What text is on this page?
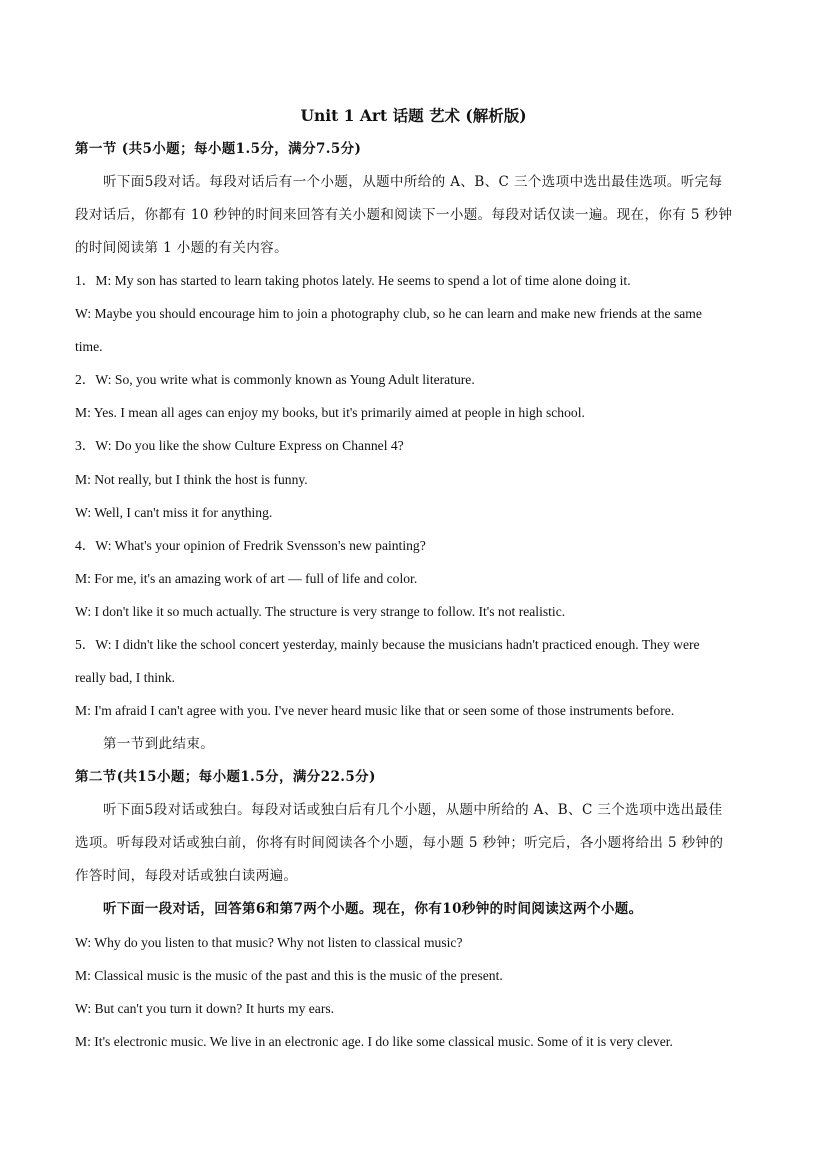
Unit 1 Art 话题 艺术 (解析版)
第一节 (共5小题；每小题1.5分，满分7.5分)
听下面5段对话。每段对话后有一个小题，从题中所给的 A、B、C 三个选项中选出最佳选项。听完每
段对话后，你都有 10 秒钟的时间来回答有关小题和阅读下一小题。每段对话仅读一遍。现在，你有 5 秒钟
的时间阅读第 1 小题的有关内容。
1．M: My son has started to learn taking photos lately. He seems to spend a lot of time alone doing it.
W: Maybe you should encourage him to join a photography club, so he can learn and make new friends at the same
time.
2．W: So, you write what is commonly known as Young Adult literature.
M: Yes. I mean all ages can enjoy my books, but it's primarily aimed at people in high school.
3．W: Do you like the show Culture Express on Channel 4?
M: Not really, but I think the host is funny.
W: Well, I can't miss it for anything.
4．W: What's your opinion of Fredrik Svensson's new painting?
M: For me, it's an amazing work of art — full of life and color.
W: I don't like it so much actually. The structure is very strange to follow. It's not realistic.
5．W: I didn't like the school concert yesterday, mainly because the musicians hadn't practiced enough. They were
really bad, I think.
M: I'm afraid I can't agree with you. I've never heard music like that or seen some of those instruments before.
第一节到此结束。
第二节(共15小题；每小题1.5分，满分22.5分)
听下面5段对话或独白。每段对话或独白后有几个小题，从题中所给的 A、B、C 三个选项中选出最佳
选项。听每段对话或独白前，你将有时间阅读各个小题，每小题 5 秒钟；听完后，各小题将给出 5 秒钟的
作答时间，每段对话或独白读两遍。
听下面一段对话，回答第6和第7两个小题。现在，你有10秒钟的时间阅读这两个小题。
W: Why do you listen to that music? Why not listen to classical music?
M: Classical music is the music of the past and this is the music of the present.
W: But can't you turn it down? It hurts my ears.
M: It's electronic music. We live in an electronic age. I do like some classical music. Some of it is very clever.
